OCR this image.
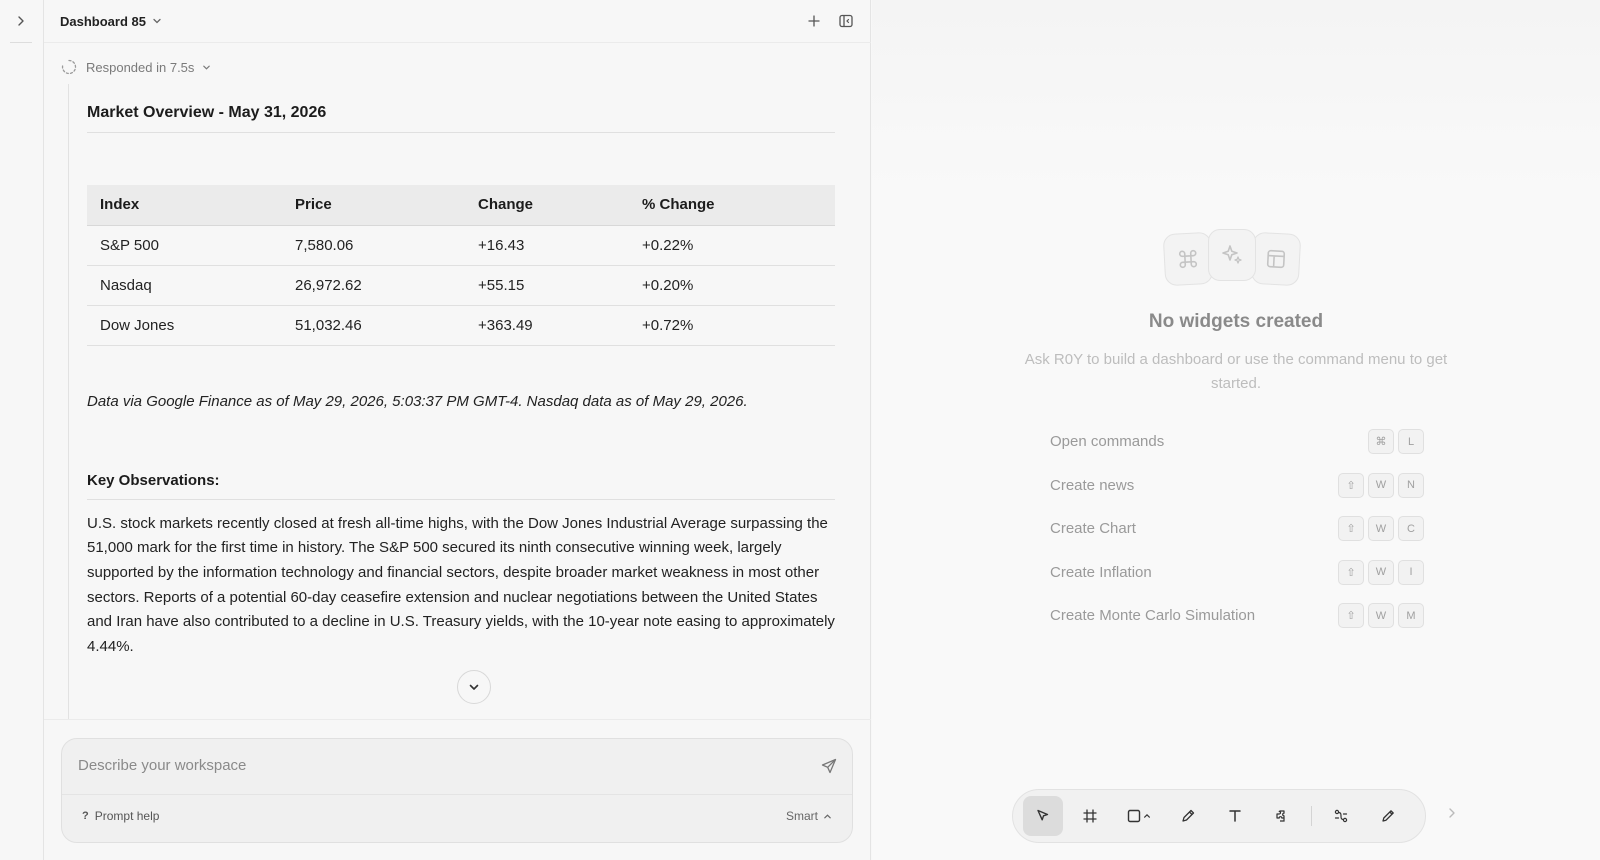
Dashboard 85
Responded in 7.5s
Market Overview - May 31, 2026
Index	Price	Change	% Change
S&P 500	7,580.06	+16.43	+0.22%
Nasdaq	26,972.62	+55.15	+0.20%
Dow Jones	51,032.46	+363.49	+0.72%

Data via Google Finance as of May 29, 2026, 5:03:37 PM GMT-4. Nasdaq data as of May 29, 2026.

Key Observations:

U.S. stock markets recently closed at fresh all-time highs, with the Dow Jones Industrial Average surpassing the 51,000 mark for the first time in history. The S&P 500 secured its ninth consecutive winning week, largely supported by the information technology and financial sectors, despite broader market weakness in most other sectors. Reports of a potential 60-day ceasefire extension and nuclear negotiations between the United States and Iran have also contributed to a decline in U.S. Treasury yields, with the 10-year note easing to approximately 4.44%.

Describe your workspace
? Prompt help	Smart
No widgets created
Ask R0Y to build a dashboard or use the command menu to get started.
Open commands	⌘	L
Create news	⇧	W	N
Create Chart	⇧	W	C
Create Inflation	⇧	W	I
Create Monte Carlo Simulation	⇧	W	M
